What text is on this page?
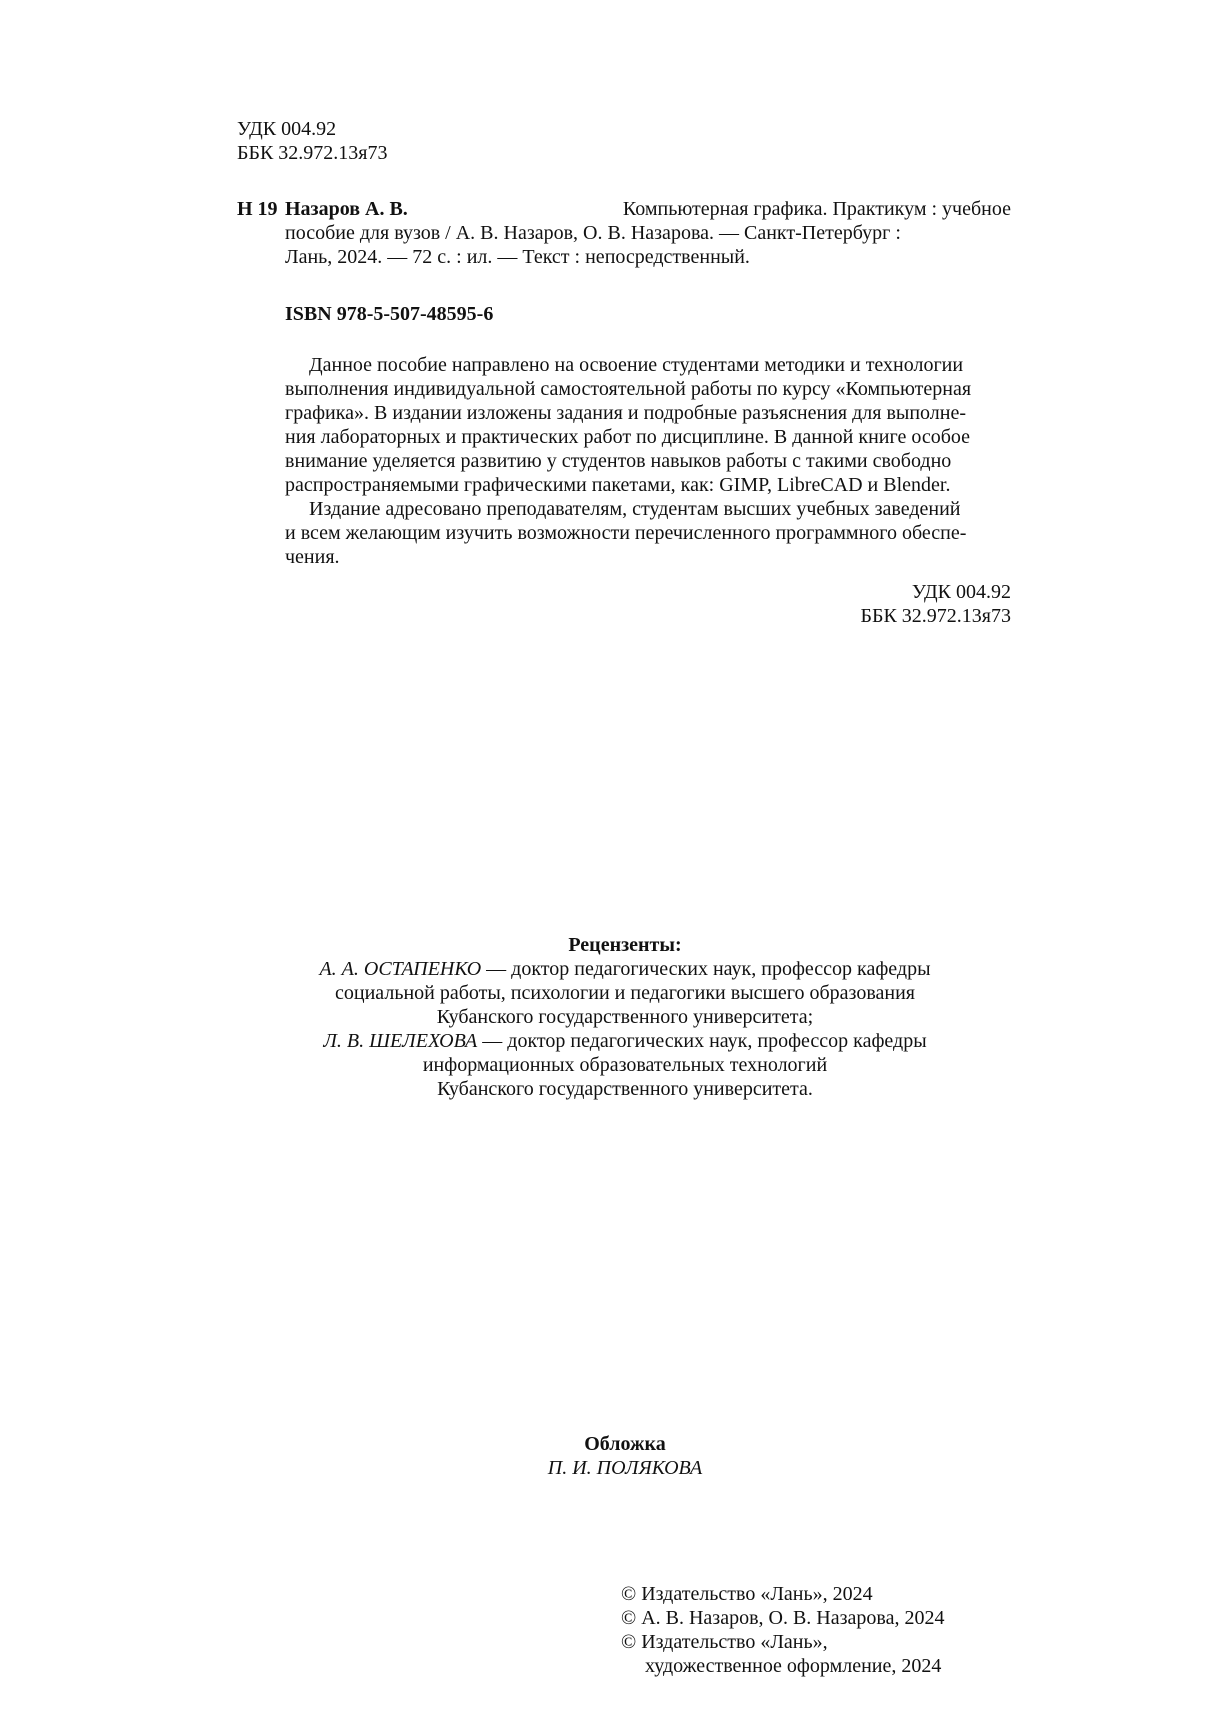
УДК 004.92
ББК 32.972.13я73
Н 19 Назаров А. В.	Компьютерная графика. Практикум : учебное
пособие для вузов / А. В. Назаров, О. В. Назарова. — Санкт-Петербург :
Лань, 2024. — 72 с. : ил. — Текст : непосредственный.
ISBN 978-5-507-48595-6
Данное пособие направлено на освоение студентами методики и технологии
выполнения индивидуальной самостоятельной работы по курсу «Компьютерная
графика». В издании изложены задания и подробные разъяснения для выполне-
ния лабораторных и практических работ по дисциплине. В данной книге особое
внимание уделяется развитию у студентов навыков работы с такими свободно
распространяемыми графическими пакетами, как: GIMP, LibreCAD и Blender.
Издание адресовано преподавателям, студентам высших учебных заведений
и всем желающим изучить возможности перечисленного программного обеспе-
чения.
УДК 004.92
ББК 32.972.13я73
Рецензенты:
А. А. ОСТАПЕНКО — доктор педагогических наук, профессор кафедры
социальной работы, психологии и педагогики высшего образования
Кубанского государственного университета;
Л. В. ШЕЛЕХОВА — доктор педагогических наук, профессор кафедры
информационных образовательных технологий
Кубанского государственного университета.
Обложка
П. И. ПОЛЯКОВА
© Издательство «Лань», 2024
© А. В. Назаров, О. В. Назарова, 2024
© Издательство «Лань»,
художественное оформление, 2024
